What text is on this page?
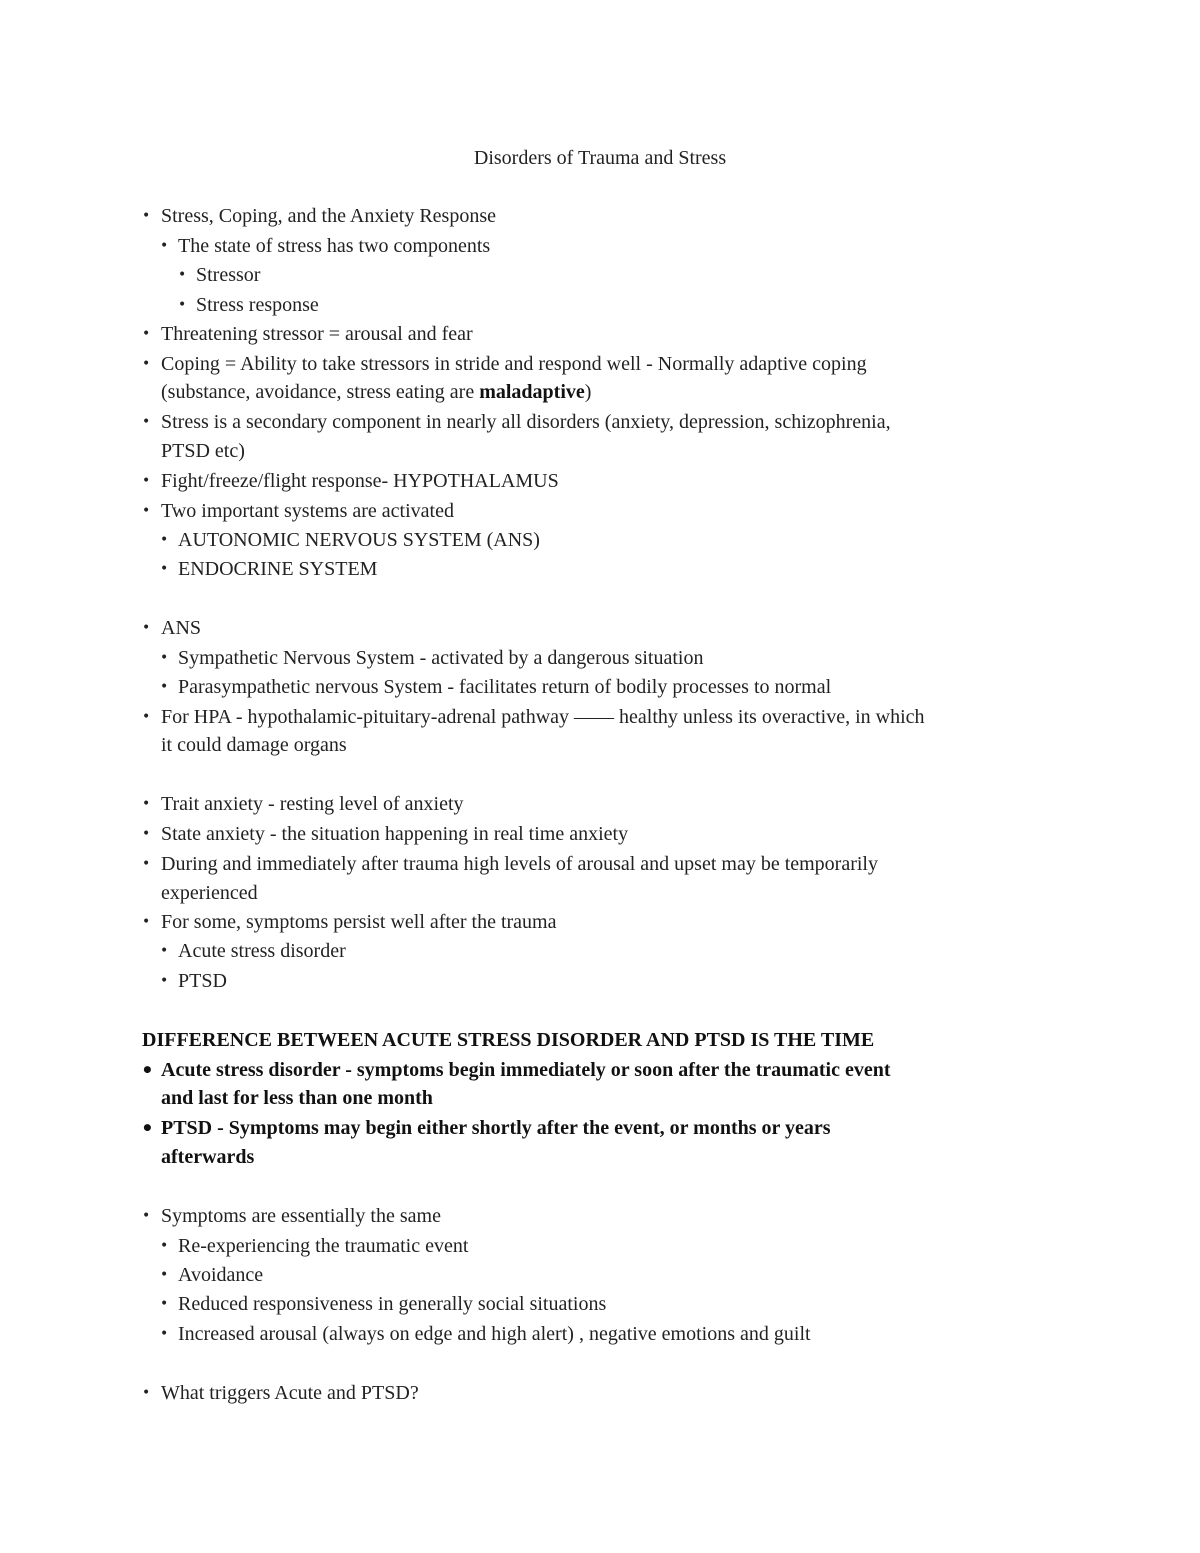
Disorders of Trauma and Stress
• Stress, Coping, and the Anxiety Response
• The state of stress has two components
• Stressor
• Stress response
• Threatening stressor = arousal and fear
• Coping = Ability to take stressors in stride and respond well - Normally adaptive coping
(substance, avoidance, stress eating are maladaptive)
• Stress is a secondary component in nearly all disorders (anxiety, depression, schizophrenia,
PTSD etc)
• Fight/freeze/flight response- HYPOTHALAMUS
• Two important systems are activated
• AUTONOMIC NERVOUS SYSTEM (ANS)
• ENDOCRINE SYSTEM
• ANS
• Sympathetic Nervous System - activated by a dangerous situation
• Parasympathetic nervous System - facilitates return of bodily processes to normal
• For HPA - hypothalamic-pituitary-adrenal pathway —— healthy unless its overactive, in which
it could damage organs
• Trait anxiety - resting level of anxiety
• State anxiety - the situation happening in real time anxiety
• During and immediately after trauma high levels of arousal and upset may be temporarily
experienced
• For some, symptoms persist well after the trauma
• Acute stress disorder
• PTSD
DIFFERENCE BETWEEN ACUTE STRESS DISORDER AND PTSD IS THE TIME
• Acute stress disorder - symptoms begin immediately or soon after the traumatic event
and last for less than one month
• PTSD - Symptoms may begin either shortly after the event, or months or years
afterwards
• Symptoms are essentially the same
• Re-experiencing the traumatic event
• Avoidance
• Reduced responsiveness in generally social situations
• Increased arousal (always on edge and high alert) , negative emotions and guilt
• What triggers Acute and PTSD?
